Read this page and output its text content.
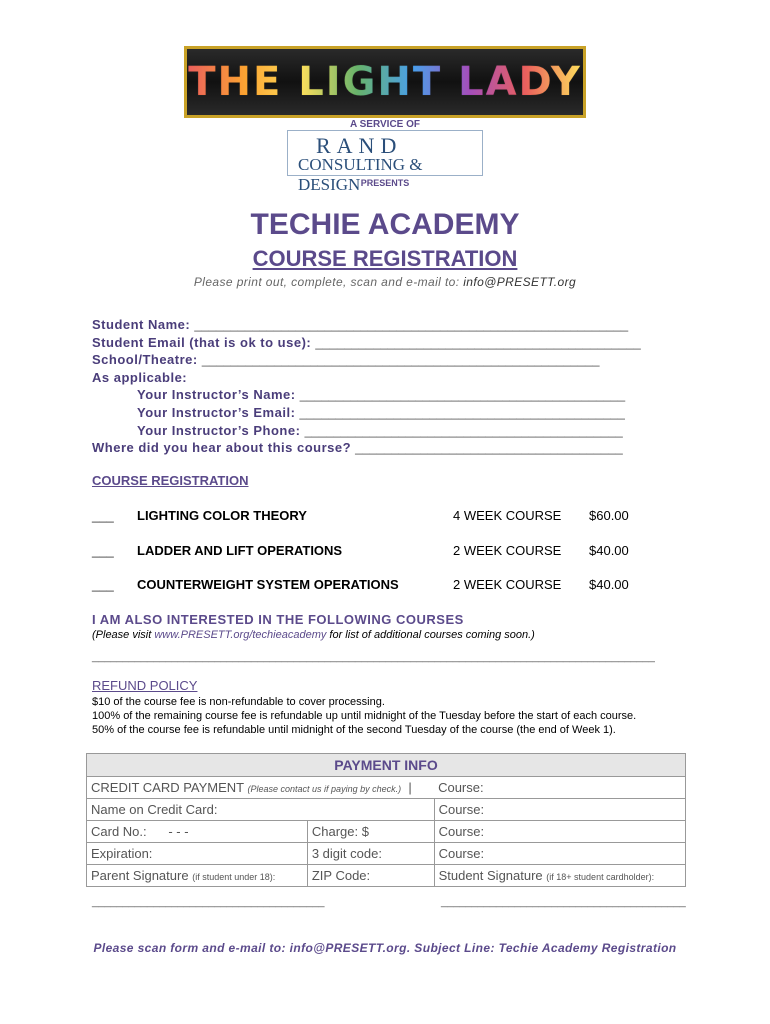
THE LIGHT LADY
A SERVICE OF
RAND
CONSULTING & DESIGN PRESENTS
TECHIE ACADEMY
COURSE REGISTRATION
Please print out, complete, scan and e-mail to: info@PRESETT.org
Student Name: ____________________________________________________________
Student Email (that is ok to use): _____________________________________________
School/Theatre: _______________________________________________________
As applicable:
Your Instructor’s Name: _____________________________________________
Your Instructor’s Email: _____________________________________________
Your Instructor’s Phone: ____________________________________________
Where did you hear about this course? _____________________________________
COURSE REGISTRATION
___ LIGHTING COLOR THEORY	4 WEEK COURSE $60.00
___ LADDER AND LIFT OPERATIONS	2 WEEK COURSE $40.00
___ COUNTERWEIGHT SYSTEM OPERATIONS	2 WEEK COURSE $40.00
I AM ALSO INTERESTED IN THE FOLLOWING COURSES
(Please visit www.PRESETT.org/techieacademy for list of additional courses coming soon.)
____________________________________________________________________________________________
REFUND POLICY
$10 of the course fee is non-refundable to cover processing.
100% of the remaining course fee is refundable up until midnight of the Tuesday before the start of each course.
50% of the course fee is refundable until midnight of the second Tuesday of the course (the end of Week 1).
PAYMENT INFO		
CREDIT CARD PAYMENT (Please contact us if paying by check.)  |		Course:
Name on Credit Card:		Course:
Card No.: - - -	Charge: $	Course:
Expiration:	3 digit code:	Course:
Parent Signature (if student under 18):	ZIP Code:	Student Signature (if 18+ student cardholder):
______________________________________	________________________________________
Please scan form and e-mail to: info@PRESETT.org. Subject Line: Techie Academy Registration
